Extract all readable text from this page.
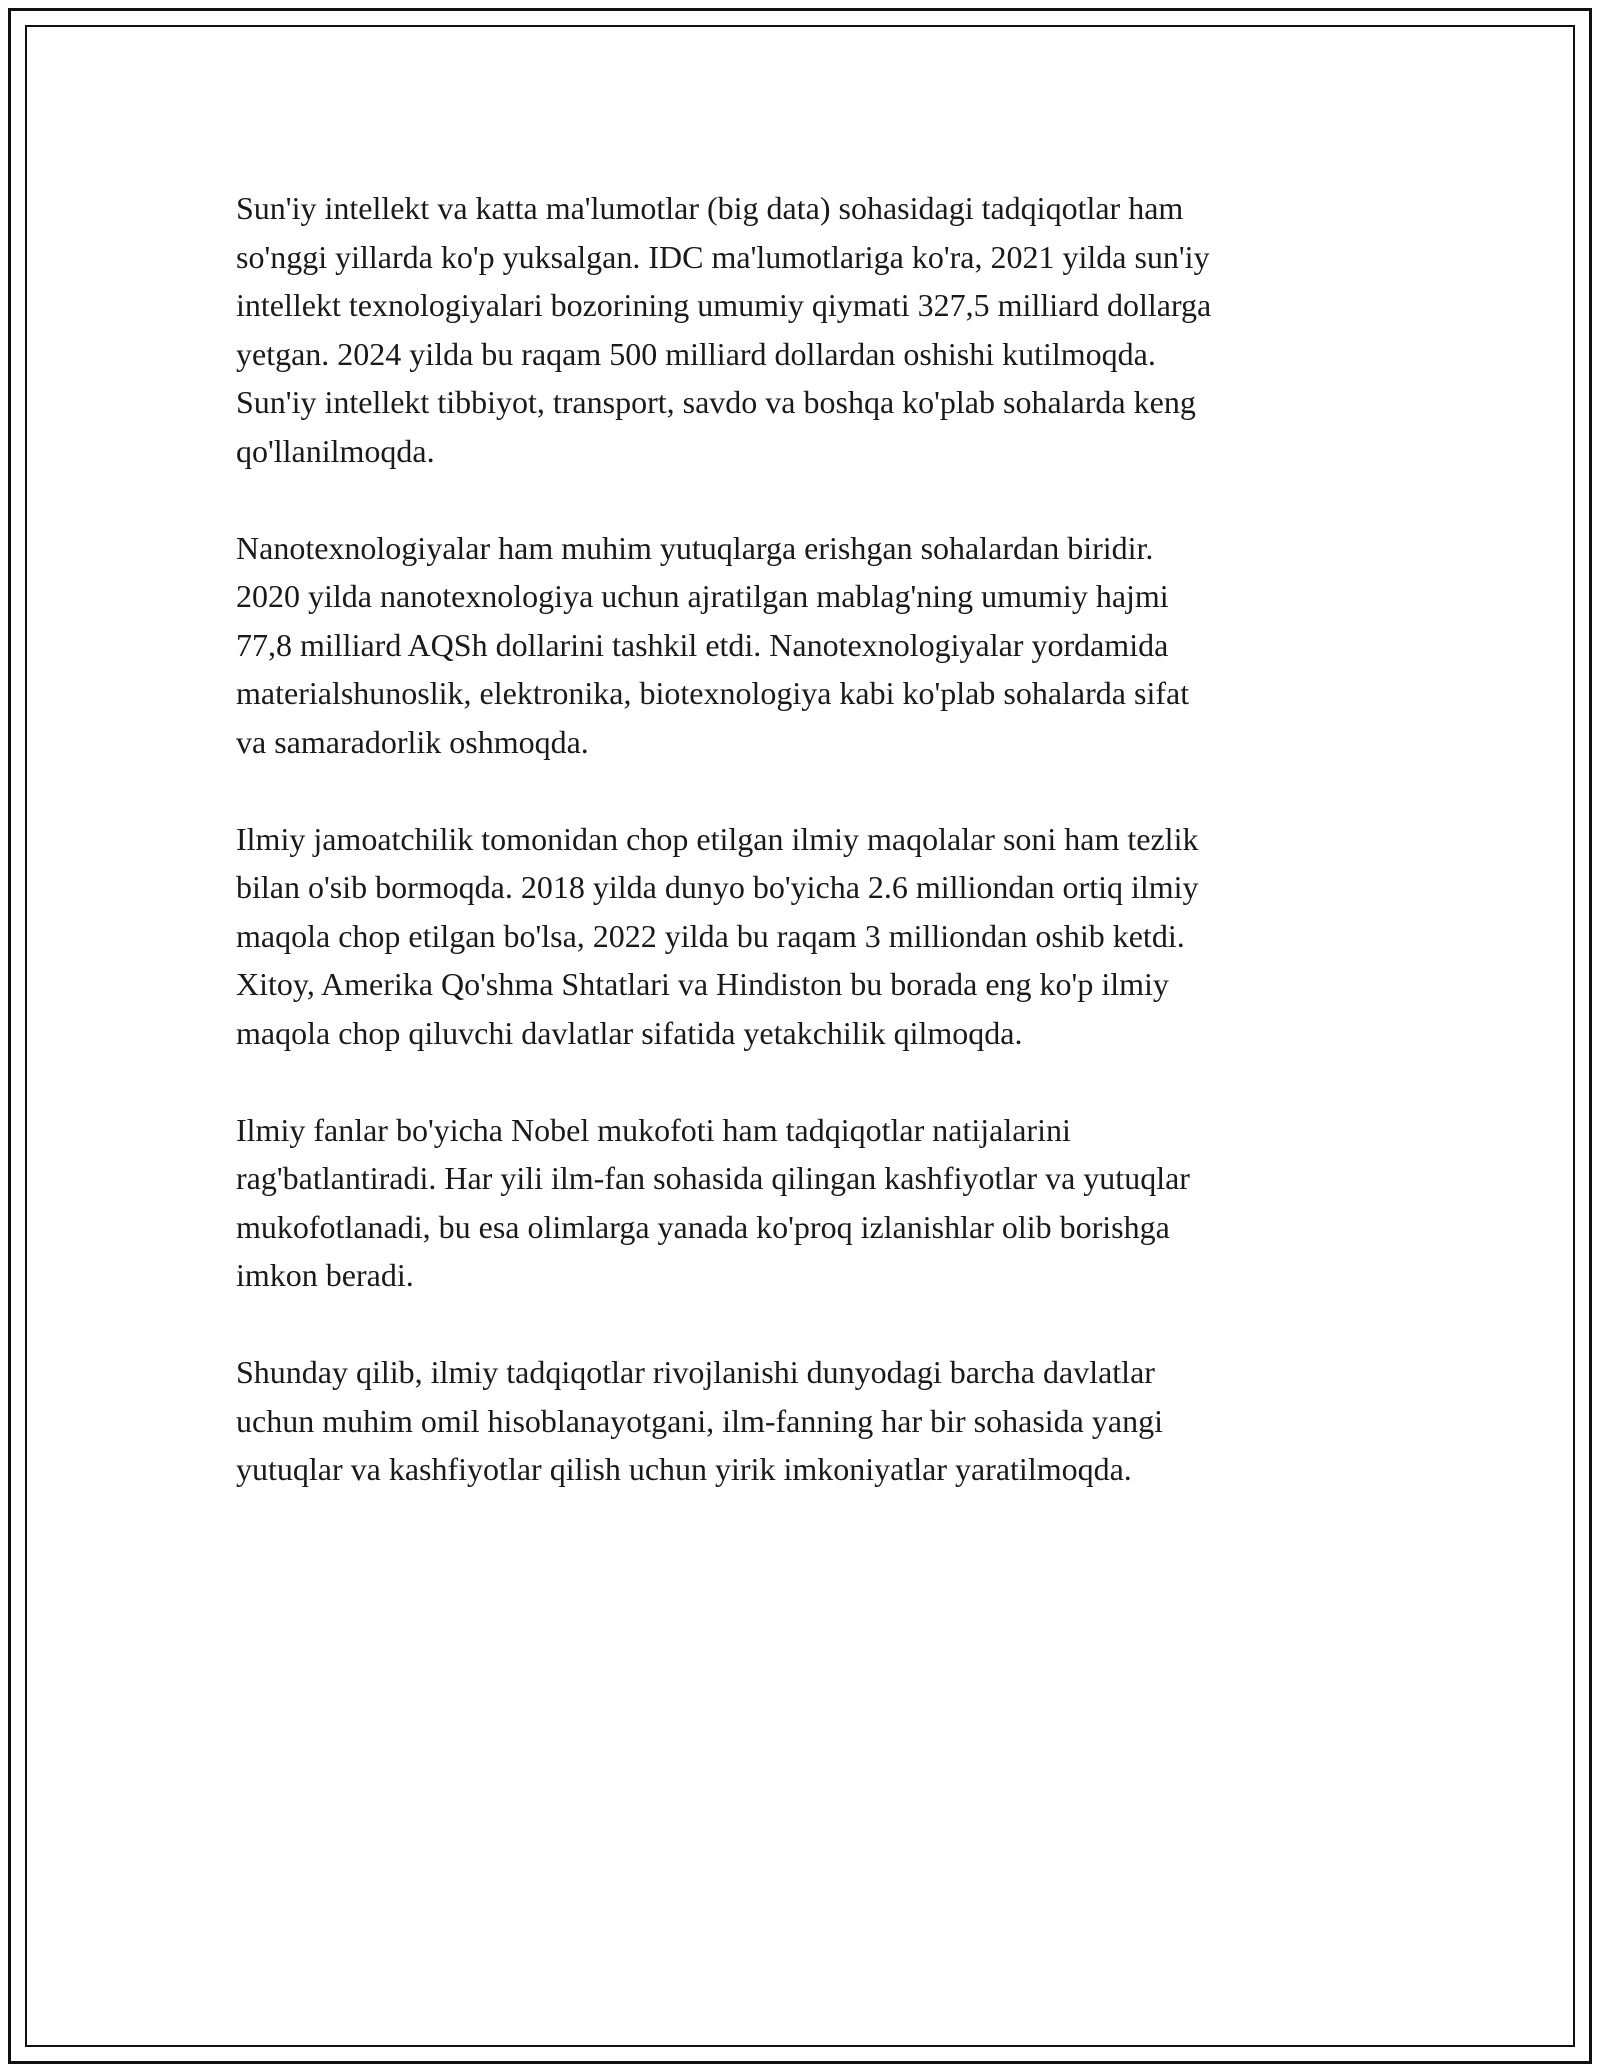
Sun'iy intellekt va katta ma'lumotlar (big data) sohasidagi tadqiqotlar ham
so'nggi yillarda ko'p yuksalgan. IDC ma'lumotlariga ko'ra, 2021 yilda sun'iy
intellekt texnologiyalari bozorining umumiy qiymati 327,5 milliard dollarga
yetgan. 2024 yilda bu raqam 500 milliard dollardan oshishi kutilmoqda.
Sun'iy intellekt tibbiyot, transport, savdo va boshqa ko'plab sohalarda keng
qo'llanilmoqda.

Nanotexnologiyalar ham muhim yutuqlarga erishgan sohalardan biridir.
2020 yilda nanotexnologiya uchun ajratilgan mablag'ning umumiy hajmi
77,8 milliard AQSh dollarini tashkil etdi. Nanotexnologiyalar yordamida
materialshunoslik, elektronika, biotexnologiya kabi ko'plab sohalarda sifat
va samaradorlik oshmoqda.

Ilmiy jamoatchilik tomonidan chop etilgan ilmiy maqolalar soni ham tezlik
bilan o'sib bormoqda. 2018 yilda dunyo bo'yicha 2.6 milliondan ortiq ilmiy
maqola chop etilgan bo'lsa, 2022 yilda bu raqam 3 milliondan oshib ketdi.
Xitoy, Amerika Qo'shma Shtatlari va Hindiston bu borada eng ko'p ilmiy
maqola chop qiluvchi davlatlar sifatida yetakchilik qilmoqda.

Ilmiy fanlar bo'yicha Nobel mukofoti ham tadqiqotlar natijalarini
rag'batlantiradi. Har yili ilm-fan sohasida qilingan kashfiyotlar va yutuqlar
mukofotlanadi, bu esa olimlarga yanada ko'proq izlanishlar olib borishga
imkon beradi.

Shunday qilib, ilmiy tadqiqotlar rivojlanishi dunyodagi barcha davlatlar
uchun muhim omil hisoblanayotgani, ilm-fanning har bir sohasida yangi
yutuqlar va kashfiyotlar qilish uchun yirik imkoniyatlar yaratilmoqda.
